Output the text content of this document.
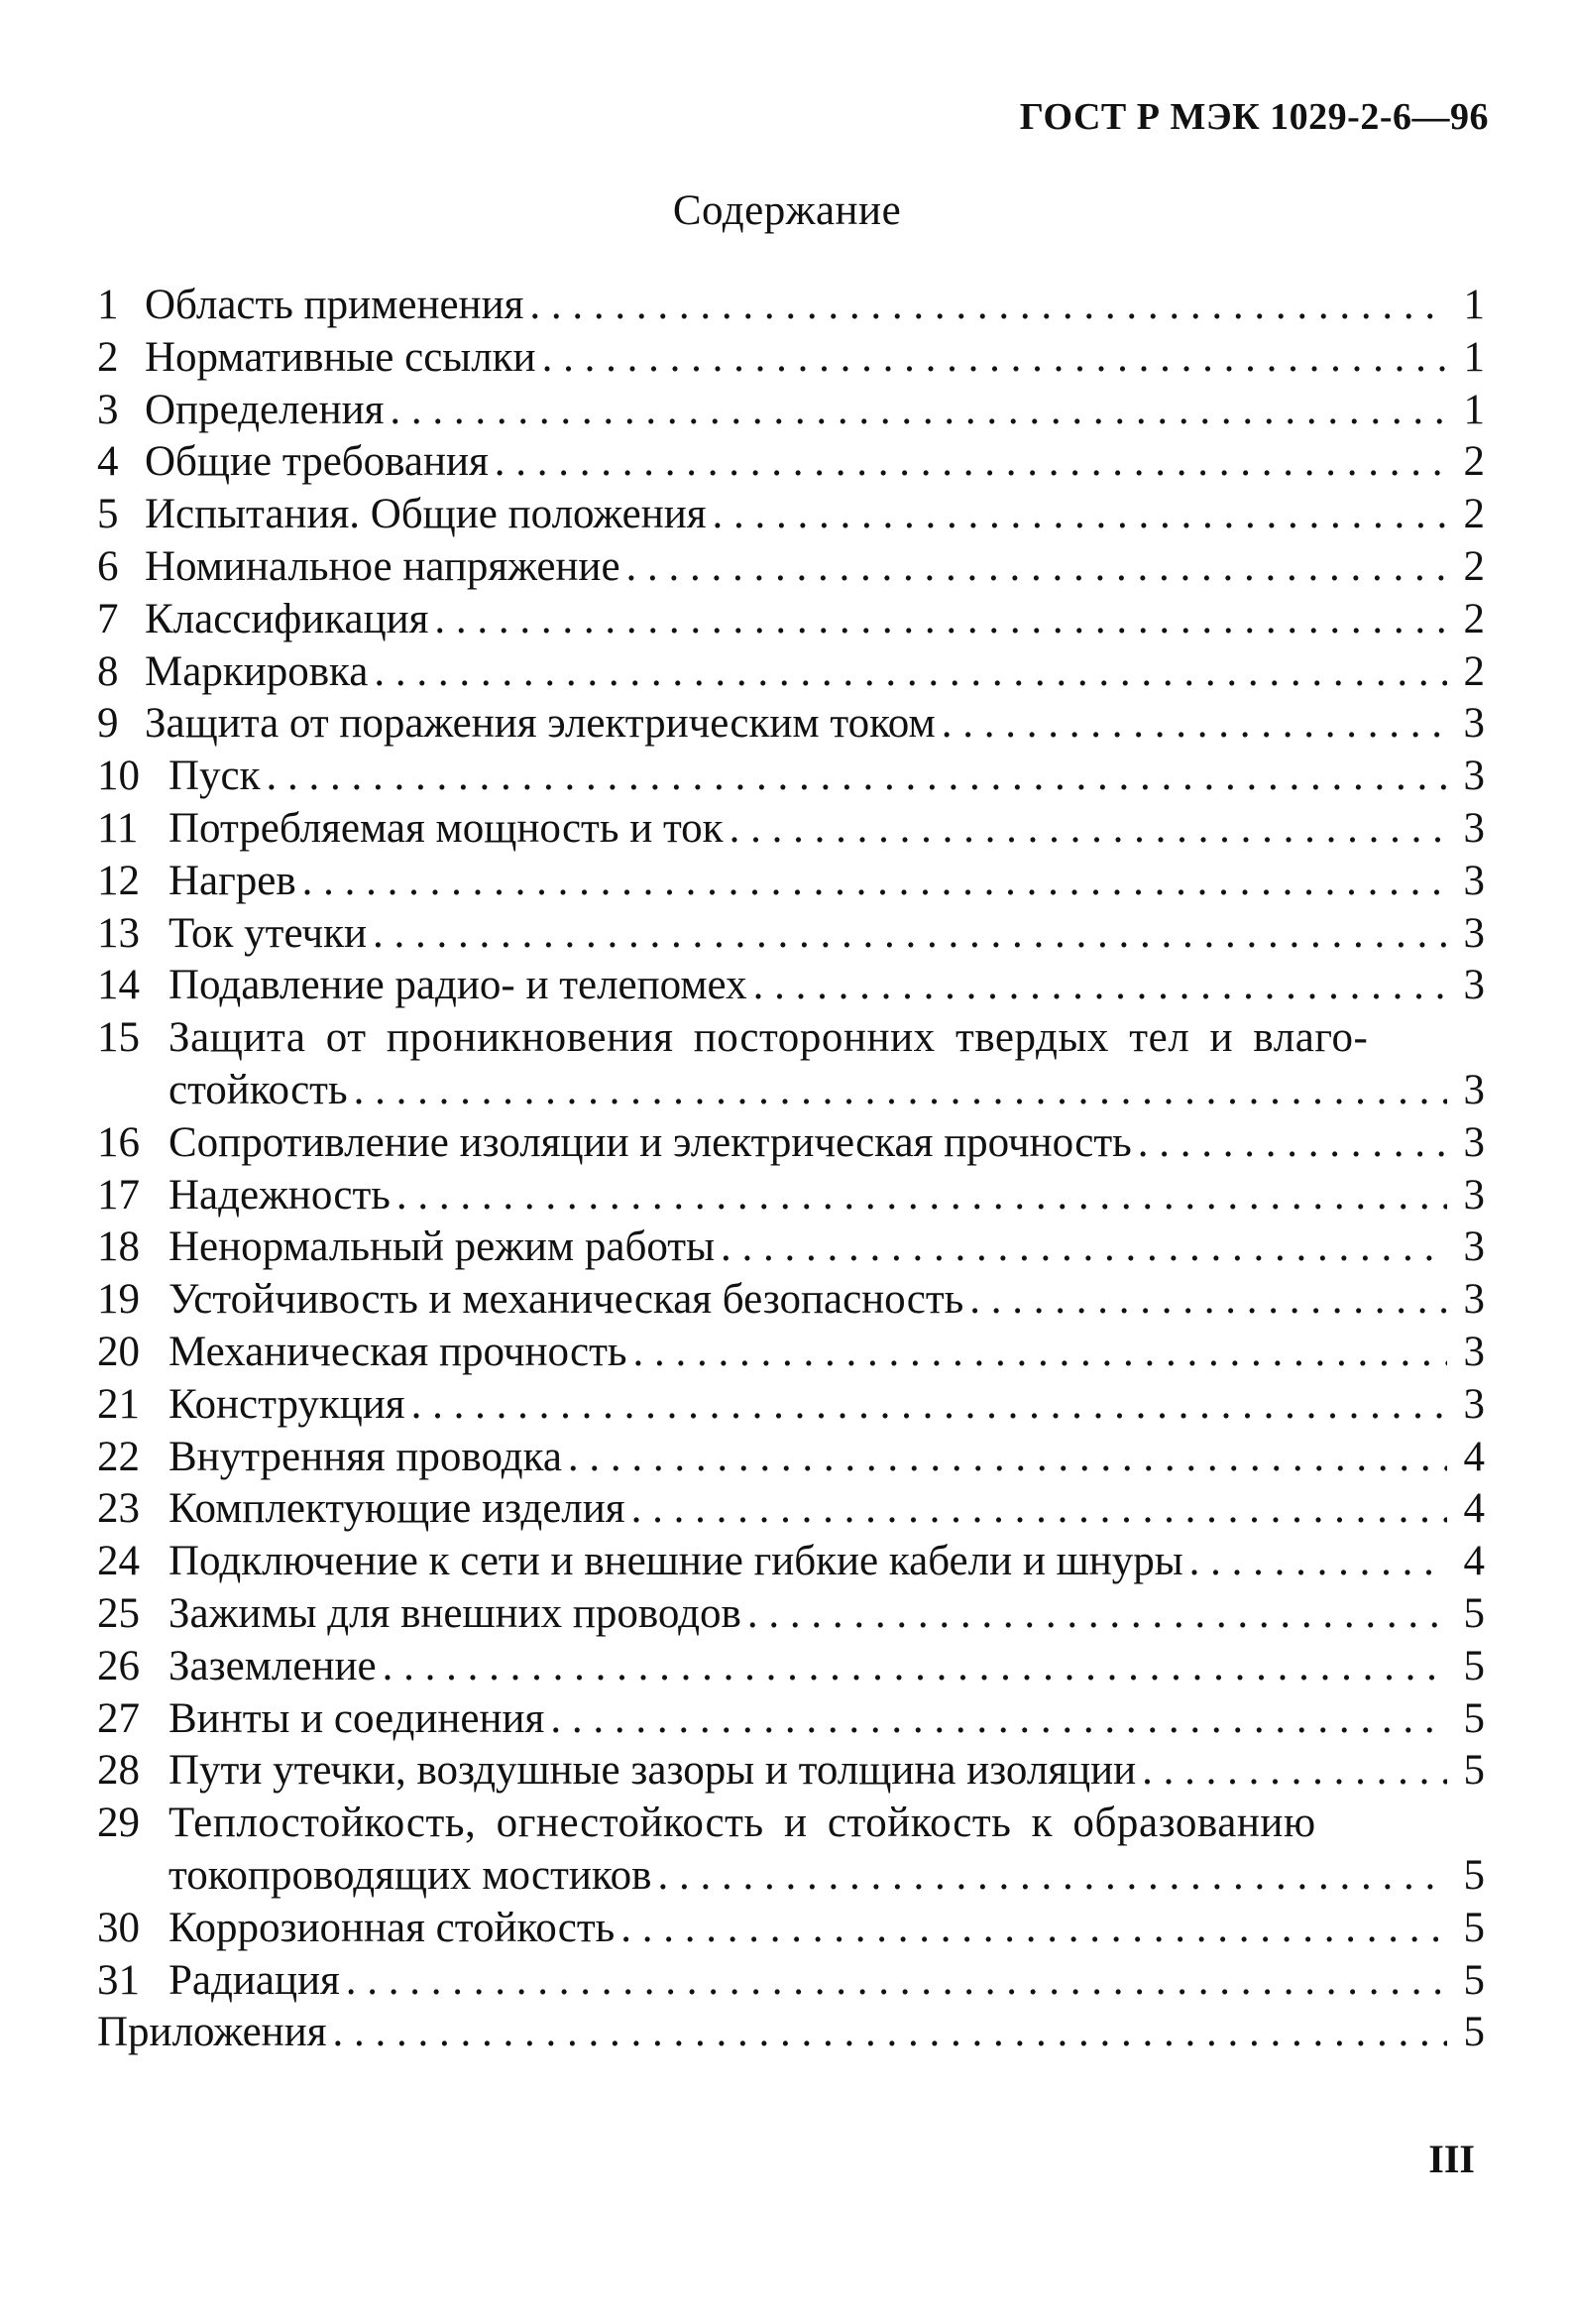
ГОСТ Р МЭК 1029-2-6—96
Содержание
1 Область применения . . .	1
2 Нормативные ссылки . . .	1
3 Определения . . .	1
4 Общие требования . . .	2
5 Испытания. Общие положения . . .	2
6 Номинальное напряжение . . .	2
7 Классификация . . .	2
8 Маркировка . . .	2
9 Защита от поражения электрическим током . . .	3
10 Пуск . . .	3
11 Потребляемая мощность и ток . . .	3
12 Нагрев . . .	3
13 Ток утечки . . .	3
14 Подавление радио- и телепомех . . .	3
15 Защита от проникновения посторонних твердых тел и влаго-
стойкость . . .	3
16 Сопротивление изоляции и электрическая прочность . . .	3
17 Надежность . . .	3
18 Ненормальный режим работы . . .	3
19 Устойчивость и механическая безопасность . . .	3
20 Механическая прочность . . .	3
21 Конструкция . . .	3
22 Внутренняя проводка . . .	4
23 Комплектующие изделия . . .	4
24 Подключение к сети и внешние гибкие кабели и шнуры . . .	4
25 Зажимы для внешних проводов . . .	5
26 Заземление . . .	5
27 Винты и соединения . . .	5
28 Пути утечки, воздушные зазоры и толщина изоляции . . .	5
29 Теплостойкость, огнестойкость и стойкость к образованию
токопроводящих мостиков . . .	5
30 Коррозионная стойкость . . .	5
31 Радиация . . .	5
Приложения . . .	5
III
